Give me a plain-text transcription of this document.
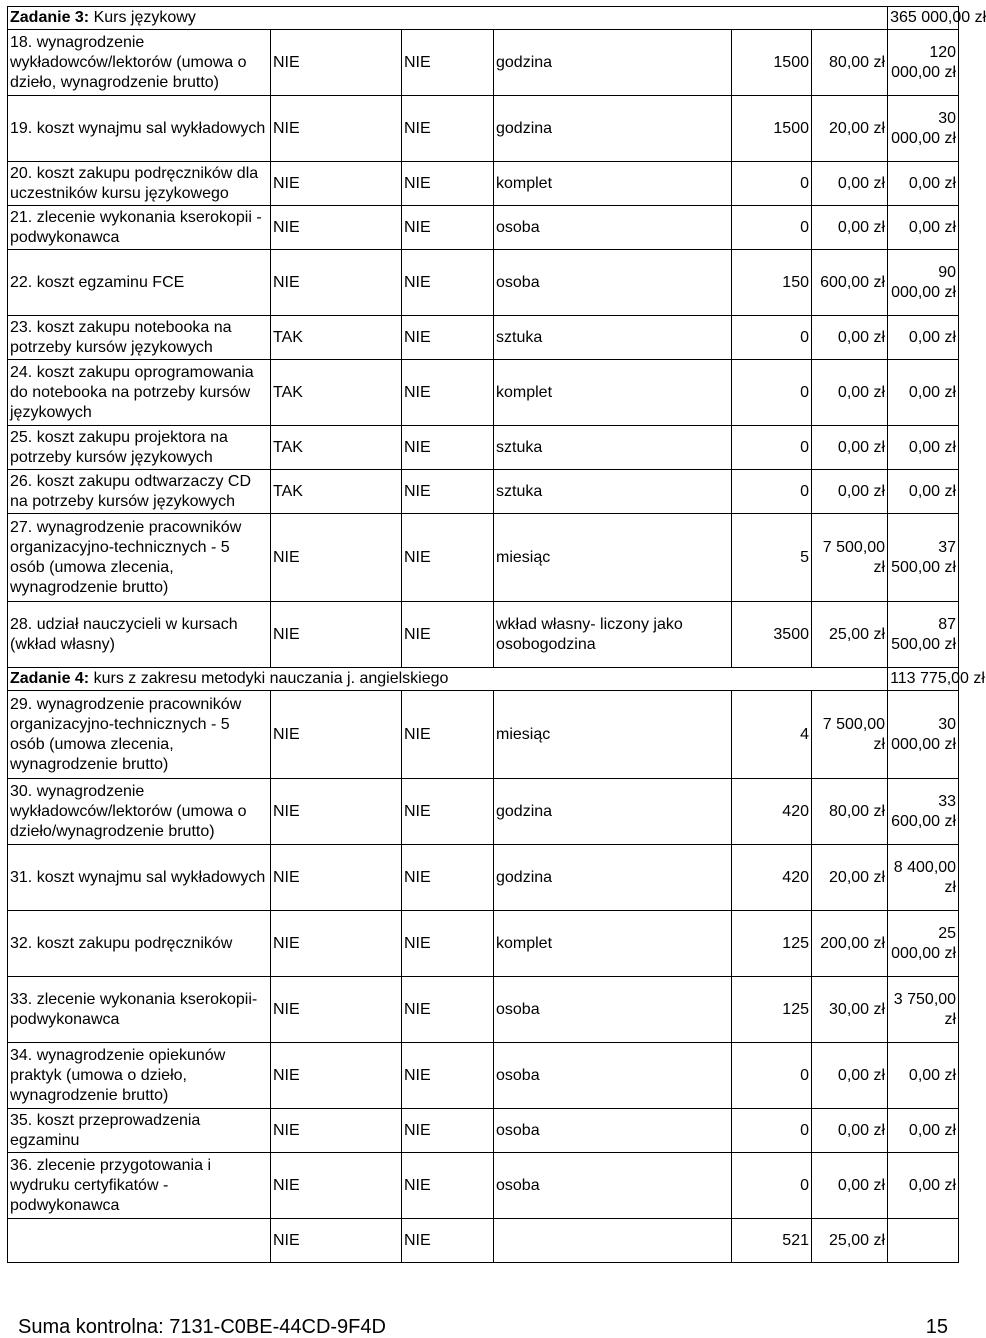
Zadanie 3: Kurs językowy						365 000,00 zł
18. wynagrodzenie wykładowców/lektorów (umowa o dzieło, wynagrodzenie brutto)	NIE	NIE	godzina	1500	80,00 zł	120 000,00 zł
19. koszt wynajmu sal wykładowych	NIE	NIE	godzina	1500	20,00 zł	30 000,00 zł
20. koszt zakupu podręczników dla uczestników kursu językowego	NIE	NIE	komplet	0	0,00 zł	0,00 zł
21. zlecenie wykonania kserokopii - podwykonawca	NIE	NIE	osoba	0	0,00 zł	0,00 zł
22. koszt egzaminu FCE	NIE	NIE	osoba	150	600,00 zł	90 000,00 zł
23. koszt zakupu notebooka na potrzeby kursów językowych	TAK	NIE	sztuka	0	0,00 zł	0,00 zł
24. koszt zakupu oprogramowania do notebooka na potrzeby kursów językowych	TAK	NIE	komplet	0	0,00 zł	0,00 zł
25. koszt zakupu projektora na potrzeby kursów językowych	TAK	NIE	sztuka	0	0,00 zł	0,00 zł
26. koszt zakupu odtwarzaczy CD na potrzeby kursów językowych	TAK	NIE	sztuka	0	0,00 zł	0,00 zł
27. wynagrodzenie pracowników organizacyjno-technicznych - 5 osób (umowa zlecenia, wynagrodzenie brutto)	NIE	NIE	miesiąc	5	7 500,00 zł	37 500,00 zł
28. udział nauczycieli w kursach (wkład własny)	NIE	NIE	wkład własny- liczony jako osobogodzina	3500	25,00 zł	87 500,00 zł
Zadanie 4: kurs z zakresu metodyki nauczania j. angielskiego						113 775,00 zł
29. wynagrodzenie pracowników organizacyjno-technicznych - 5 osób (umowa zlecenia, wynagrodzenie brutto)	NIE	NIE	miesiąc	4	7 500,00 zł	30 000,00 zł
30. wynagrodzenie wykładowców/lektorów (umowa o dzieło/wynagrodzenie brutto)	NIE	NIE	godzina	420	80,00 zł	33 600,00 zł
31. koszt wynajmu sal wykładowych	NIE	NIE	godzina	420	20,00 zł	8 400,00 zł
32. koszt zakupu podręczników	NIE	NIE	komplet	125	200,00 zł	25 000,00 zł
33. zlecenie wykonania kserokopii-podwykonawca	NIE	NIE	osoba	125	30,00 zł	3 750,00 zł
34. wynagrodzenie opiekunów praktyk (umowa o dzieło, wynagrodzenie brutto)	NIE	NIE	osoba	0	0,00 zł	0,00 zł
35. koszt przeprowadzenia egzaminu	NIE	NIE	osoba	0	0,00 zł	0,00 zł
36. zlecenie przygotowania i wydruku certyfikatów - podwykonawca	NIE	NIE	osoba	0	0,00 zł	0,00 zł
	NIE	NIE		521	25,00 zł	
Suma kontrolna: 7131-C0BE-44CD-9F4D	15
